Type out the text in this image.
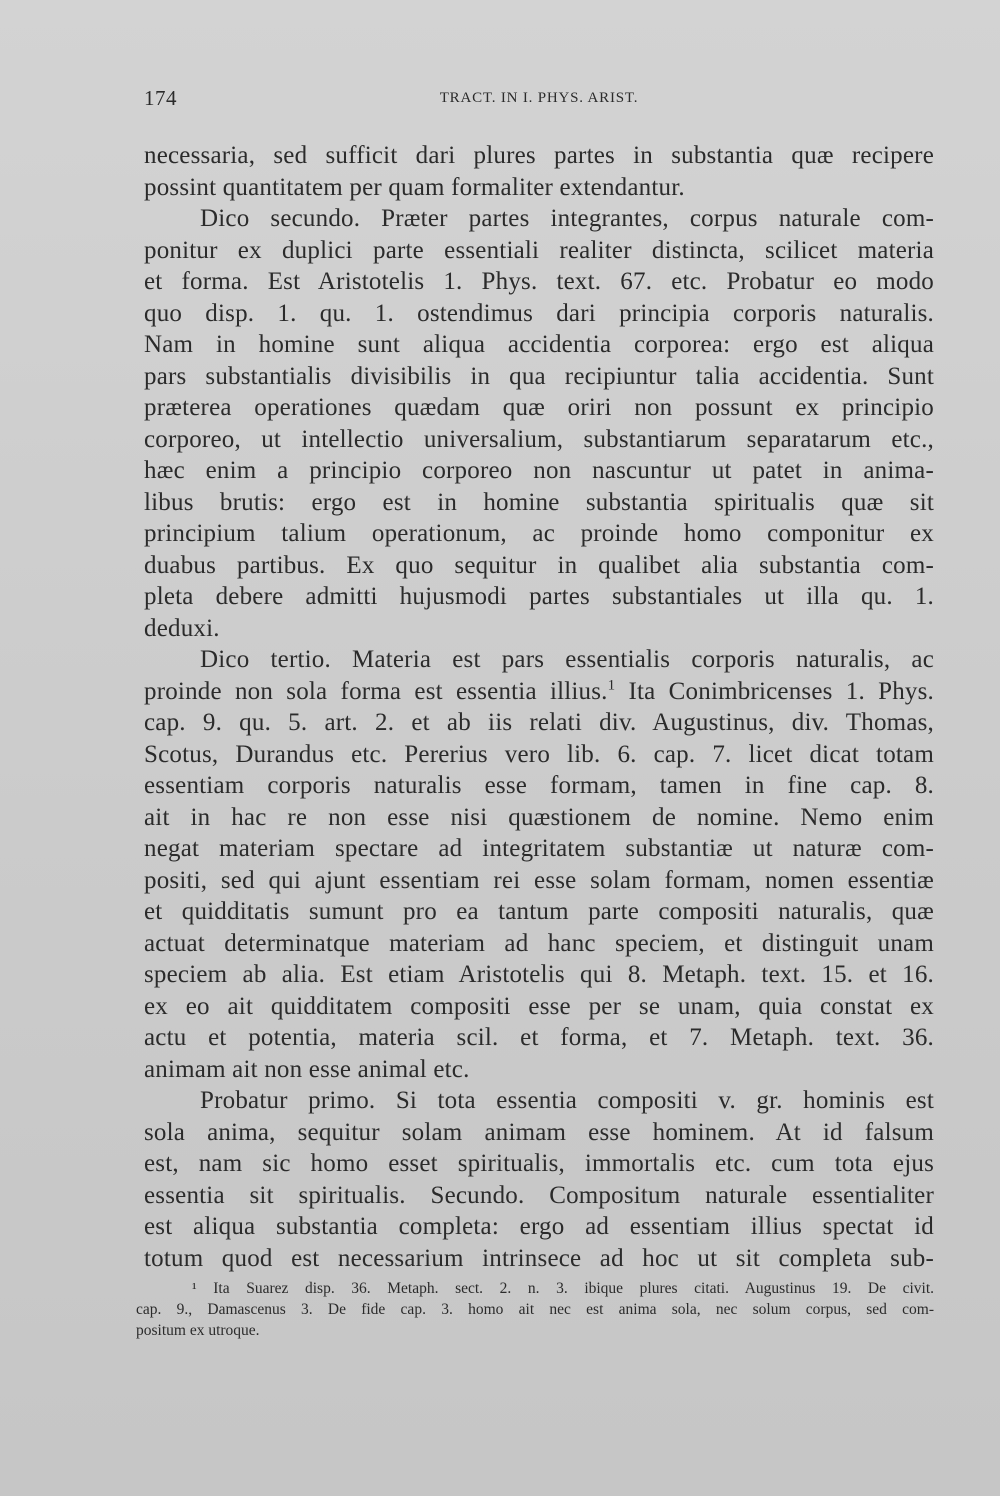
174	TRACT. IN I. PHYS. ARIST.
necessaria, sed sufficit dari plures partes in substantia quæ recipere
possint quantitatem per quam formaliter extendantur.
Dico secundo. Præter partes integrantes, corpus naturale com-
ponitur ex duplici parte essentiali realiter distincta, scilicet materia
et forma. Est Aristotelis 1. Phys. text. 67. etc. Probatur eo modo
quo disp. 1. qu. 1. ostendimus dari principia corporis naturalis.
Nam in homine sunt aliqua accidentia corporea: ergo est aliqua
pars substantialis divisibilis in qua recipiuntur talia accidentia. Sunt
præterea operationes quædam quæ oriri non possunt ex principio
corporeo, ut intellectio universalium, substantiarum separatarum etc.,
hæc enim a principio corporeo non nascuntur ut patet in anima-
libus brutis: ergo est in homine substantia spiritualis quæ sit
principium talium operationum, ac proinde homo componitur ex
duabus partibus. Ex quo sequitur in qualibet alia substantia com-
pleta debere admitti hujusmodi partes substantiales ut illa qu. 1.
deduxi.
Dico tertio. Materia est pars essentialis corporis naturalis, ac
proinde non sola forma est essentia illius.$^1$ Ita Conimbricenses 1. Phys.
cap. 9. qu. 5. art. 2. et ab iis relati div. Augustinus, div. Thomas,
Scotus, Durandus etc. Pererius vero lib. 6. cap. 7. licet dicat totam
essentiam corporis naturalis esse formam, tamen in fine cap. 8.
ait in hac re non esse nisi quæstionem de nomine. Nemo enim
negat materiam spectare ad integritatem substantiæ ut naturæ com-
positi, sed qui ajunt essentiam rei esse solam formam, nomen essentiæ
et quidditatis sumunt pro ea tantum parte compositi naturalis, quæ
actuat determinatque materiam ad hanc speciem, et distinguit unam
speciem ab alia. Est etiam Aristotelis qui 8. Metaph. text. 15. et 16.
ex eo ait quidditatem compositi esse per se unam, quia constat ex
actu et potentia, materia scil. et forma, et 7. Metaph. text. 36.
animam ait non esse animal etc.
Probatur primo. Si tota essentia compositi v. gr. hominis est
sola anima, sequitur solam animam esse hominem. At id falsum
est, nam sic homo esset spiritualis, immortalis etc. cum tota ejus
essentia sit spiritualis. Secundo. Compositum naturale essentialiter
est aliqua substantia completa: ergo ad essentiam illius spectat id
totum quod est necessarium intrinsece ad hoc ut sit completa sub-
¹ Ita Suarez disp. 36. Metaph. sect. 2. n. 3. ibique plures citati. Augustinus 19. De civit.
cap. 9., Damascenus 3. De fide cap. 3. homo ait nec est anima sola, nec solum corpus, sed com-
positum ex utroque.
